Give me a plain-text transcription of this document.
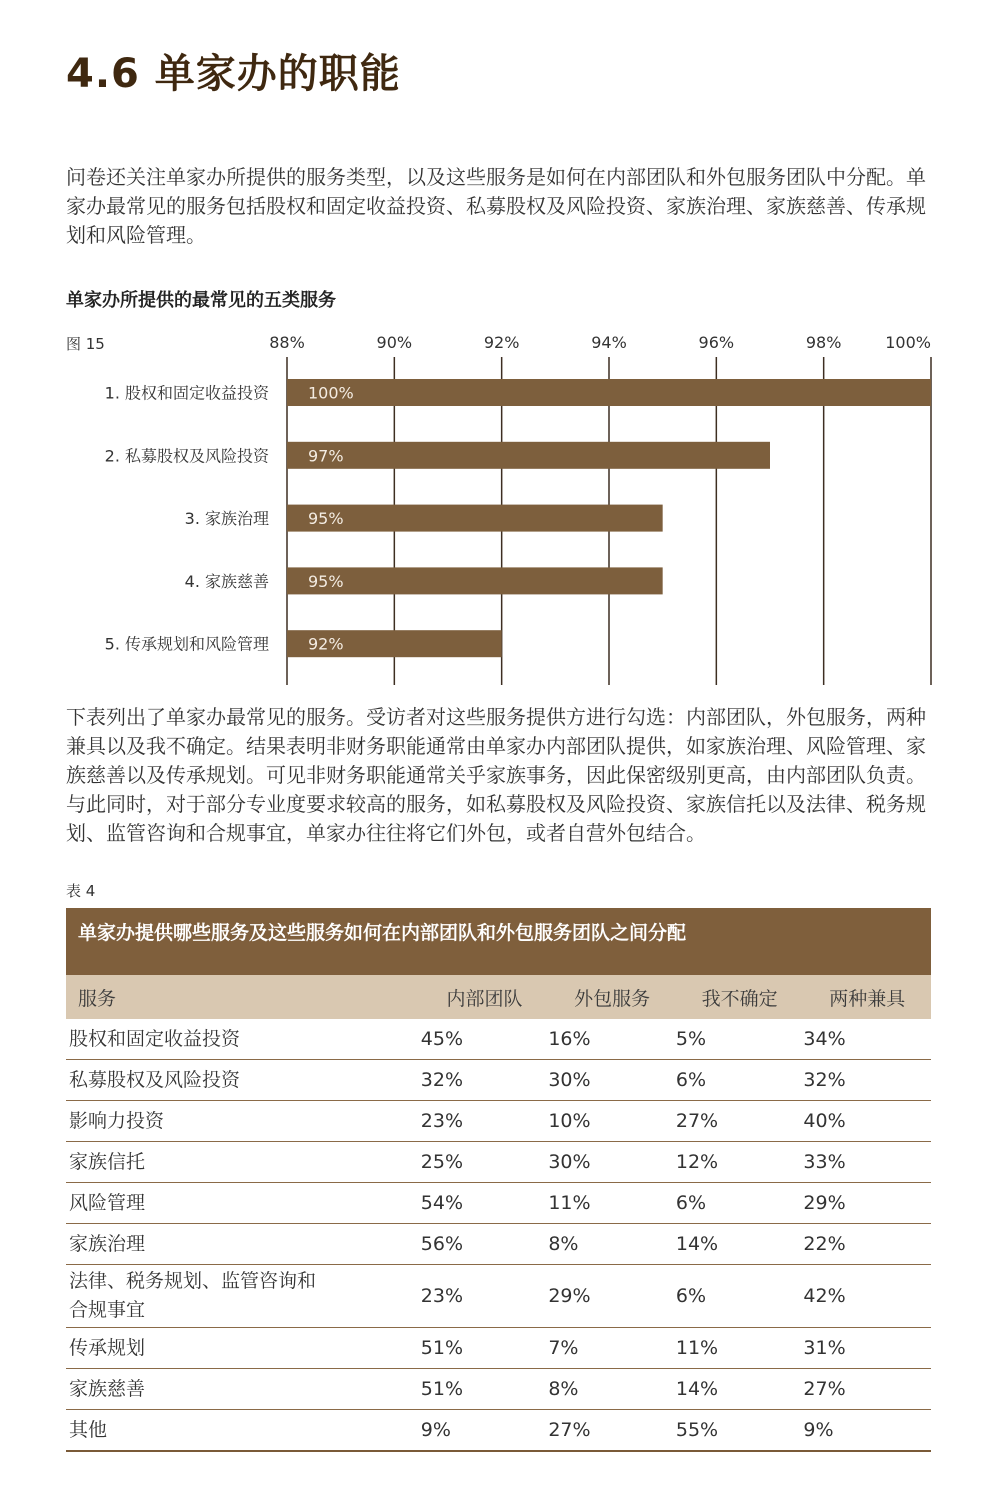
4.6 单家办的职能
问卷还关注单家办所提供的服务类型，以及这些服务是如何在内部团队和外包服务团队中分配。单家办最常见的服务包括股权和固定收益投资、私募股权及风险投资、家族治理、家族慈善、传承规划和风险管理。
单家办所提供的最常见的五类服务
图 15	88%	90%	92%	94%	96%	98%	100%
100%
1. 股权和固定收益投资
97%
2. 私募股权及风险投资
95%
3. 家族治理
95%
4. 家族慈善
92%
5. 传承规划和风险管理
下表列出了单家办最常见的服务。受访者对这些服务提供方进行勾选：内部团队，外包服务，两种兼具以及我不确定。结果表明非财务职能通常由单家办内部团队提供，如家族治理、风险管理、家族慈善以及传承规划。可见非财务职能通常关乎家族事务，因此保密级别更高，由内部团队负责。与此同时，对于部分专业度要求较高的服务，如私募股权及风险投资、家族信托以及法律、税务规划、监管咨询和合规事宜，单家办往往将它们外包，或者自营外包结合。
表 4
单家办提供哪些服务及这些服务如何在内部团队和外包服务团队之间分配				
服务	内部团队	外包服务	我不确定	两种兼具
股权和固定收益投资	45%	16%	5%	34%
私募股权及风险投资	32%	30%	6%	32%
影响力投资	23%	10%	27%	40%
家族信托	25%	30%	12%	33%
风险管理	54%	11%	6%	29%
家族治理	56%	8%	14%	22%
法律、税务规划、监管咨询和
合规事宜	23%	29%	6%	42%
传承规划	51%	7%	11%	31%
家族慈善	51%	8%	14%	27%
其他	9%	27%	55%	9%
